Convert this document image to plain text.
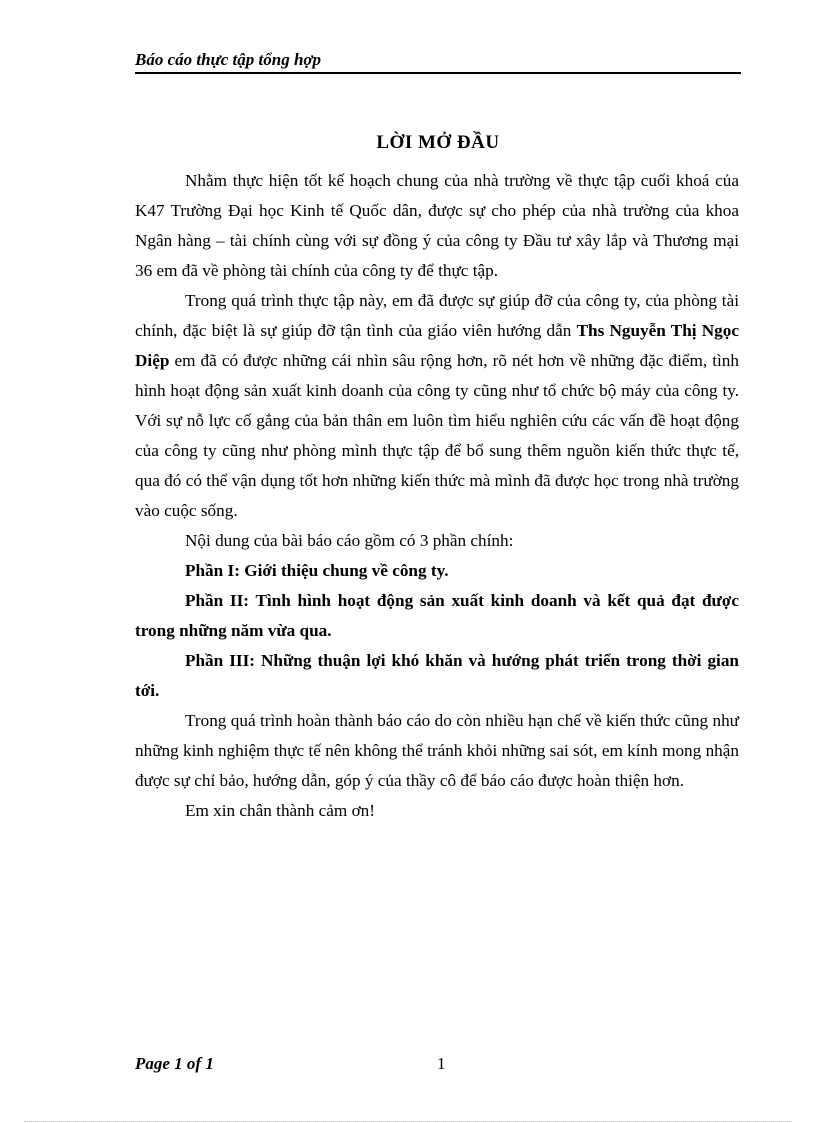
Báo cáo thực tập tổng hợp
LỜI MỞ ĐẦU

Nhằm thực hiện tốt kế hoạch chung của nhà trường về thực tập cuối khoá của K47 Trường Đại học Kinh tế Quốc dân, được sự cho phép của nhà trường của khoa Ngân hàng – tài chính cùng với sự đồng ý của công ty Đầu tư xây lắp và Thương mại 36 em đã về phòng tài chính của công ty để thực tập.

Trong quá trình thực tập này, em đã được sự giúp đỡ của công ty, của phòng tài chính, đặc biệt là sự giúp đỡ tận tình của giáo viên hướng dẫn Ths Nguyễn Thị Ngọc Diệp em đã có được những cái nhìn sâu rộng hơn, rõ nét hơn về những đặc điểm, tình hình hoạt động sản xuất kinh doanh của công ty cũng như tổ chức bộ máy của công ty. Với sự nỗ lực cố gắng của bản thân em luôn tìm hiểu nghiên cứu các vấn đề hoạt động của công ty cũng như phòng mình thực tập để bổ sung thêm nguồn kiến thức thực tế, qua đó có thể vận dụng tốt hơn những kiến thức mà mình đã được học trong nhà trường vào cuộc sống.

Nội dung của bài báo cáo gồm có 3 phần chính:

Phần I: Giới thiệu chung về công ty.

Phần II: Tình hình hoạt động sản xuất kinh doanh và kết quả đạt được trong những năm vừa qua.

Phần III: Những thuận lợi khó khăn và hướng phát triển trong thời gian tới.

Trong quá trình hoàn thành báo cáo do còn nhiều hạn chế về kiến thức cũng như những kinh nghiệm thực tế nên không thể tránh khỏi những sai sót, em kính mong nhận được sự chỉ bảo, hướng dẫn, góp ý của thầy cô để báo cáo được hoàn thiện hơn.

Em xin chân thành cảm ơn!

Page 1 of 1	1
